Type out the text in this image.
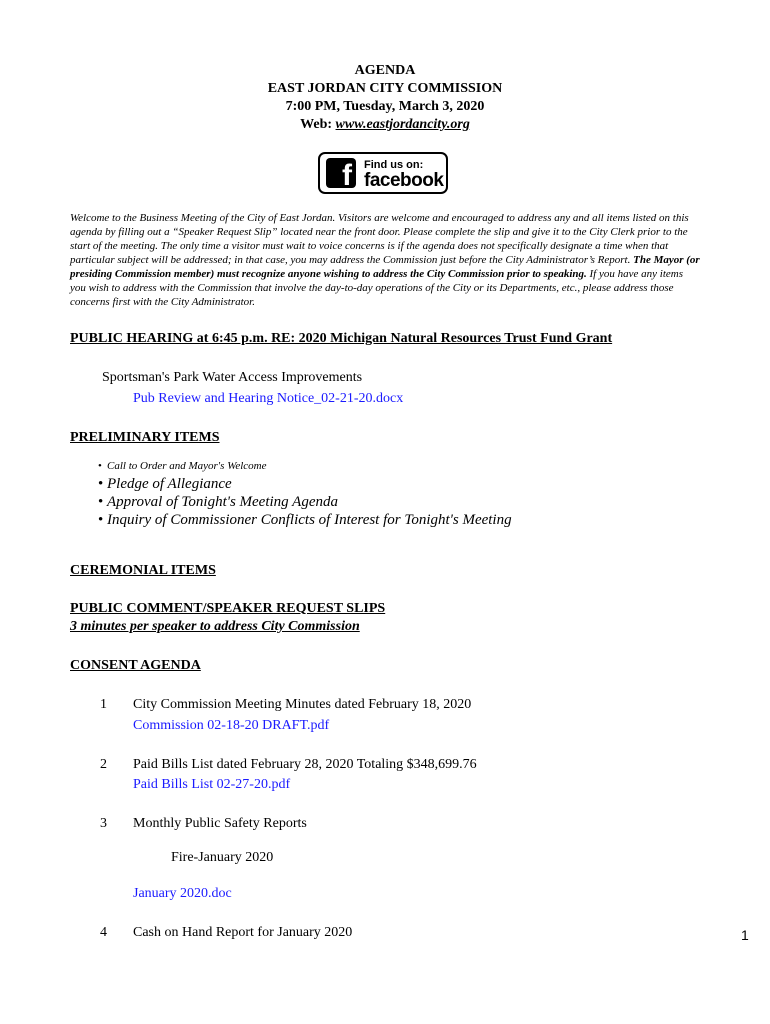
AGENDA
EAST JORDAN CITY COMMISSION
7:00 PM, Tuesday, March 3, 2020
Web: www.eastjordancity.org
f	Find us on:
facebook
Welcome to the Business Meeting of the City of East Jordan. Visitors are welcome and encouraged to address any and all items listed on this agenda by filling out a “Speaker Request Slip” located near the front door. Please complete the slip and give it to the City Clerk prior to the start of the meeting. The only time a visitor must wait to voice concerns is if the agenda does not specifically designate a time when that particular subject will be addressed; in that case, you may address the Commission just before the City Administrator’s Report. The Mayor (or presiding Commission member) must recognize anyone wishing to address the City Commission prior to speaking. If you have any items you wish to address with the Commission that involve the day-to-day operations of the City or its Departments, etc., please address those concerns first with the City Administrator.
PUBLIC HEARING at 6:45 p.m. RE: 2020 Michigan Natural Resources Trust Fund Grant
Sportsman's Park Water Access Improvements
Pub Review and Hearing Notice_02-21-20.docx
PRELIMINARY ITEMS
• Call to Order and Mayor's Welcome
• Pledge of Allegiance
• Approval of Tonight's Meeting Agenda
• Inquiry of Commissioner Conflicts of Interest for Tonight's Meeting
CEREMONIAL ITEMS
PUBLIC COMMENT/SPEAKER REQUEST SLIPS
3 minutes per speaker to address City Commission
CONSENT AGENDA
1 City Commission Meeting Minutes dated February 18, 2020
Commission 02-18-20 DRAFT.pdf
2 Paid Bills List dated February 28, 2020 Totaling $348,699.76
Paid Bills List 02-27-20.pdf
3 Monthly Public Safety Reports
Fire-January 2020
January 2020.doc
4 Cash on Hand Report for January 2020	1
